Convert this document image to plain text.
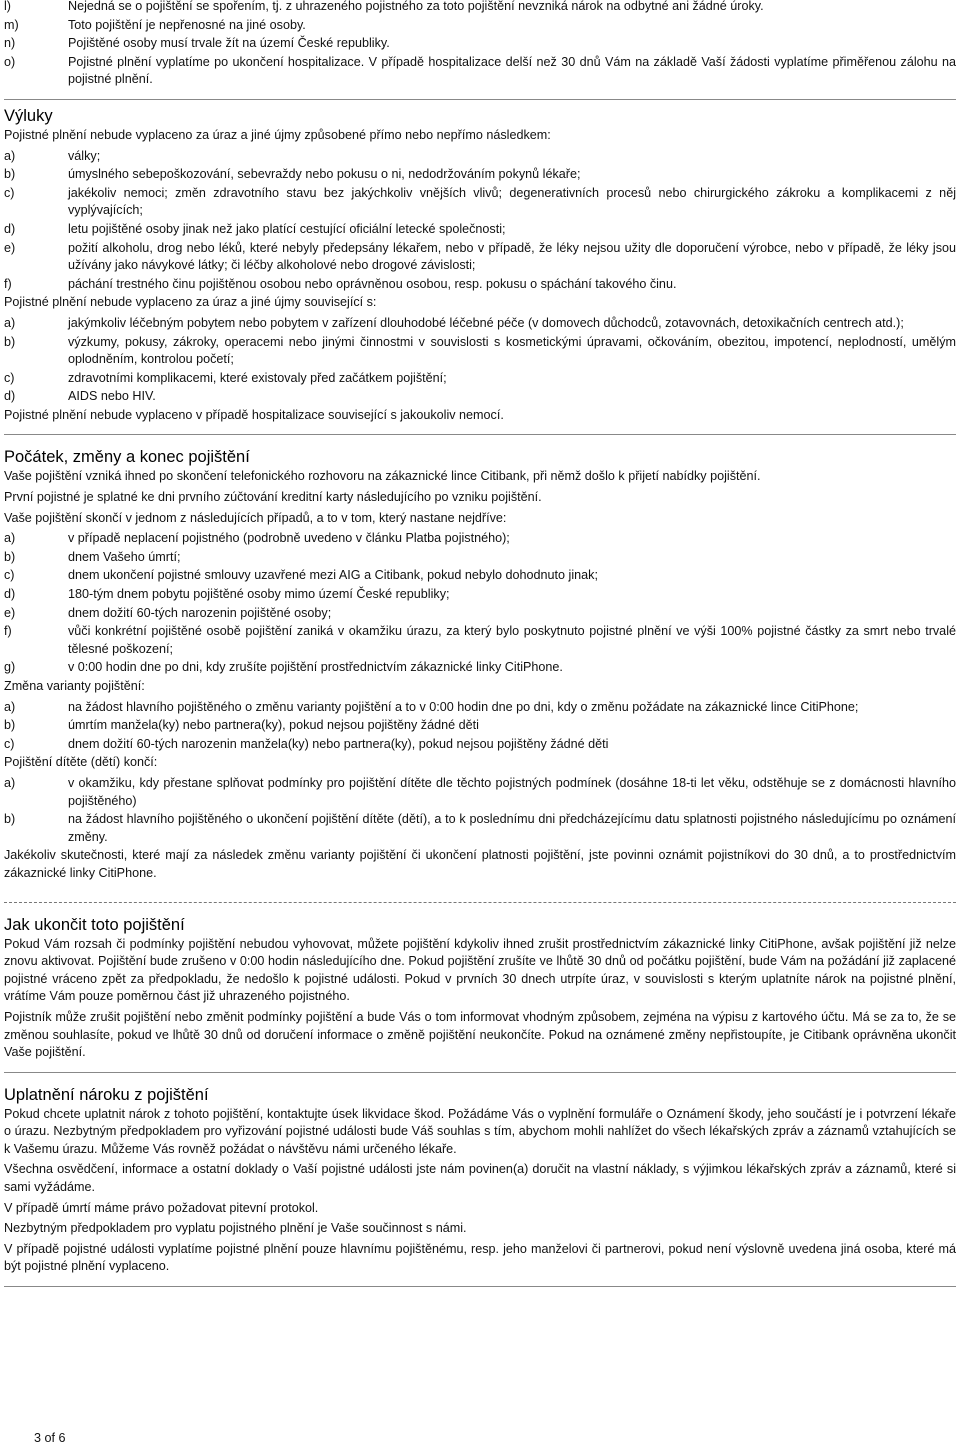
l)	Nejedná se o pojištění se spořením, tj. z uhrazeného pojistného za toto pojištění nevzniká nárok na odbytné ani žádné úroky.
m)	Toto pojištění je nepřenosné na jiné osoby.
n)	Pojištěné osoby musí trvale žít na území České republiky.
o)	Pojistné plnění vyplatíme po ukončení hospitalizace. V případě hospitalizace delší než 30 dnů Vám na základě Vaší žádosti vyplatíme přiměřenou zálohu na pojistné plnění.
Výluky
Pojistné plnění nebude vyplaceno za úraz a jiné újmy způsobené přímo nebo nepřímo následkem:
a)	války;
b)	úmyslného sebepoškozování, sebevraždy nebo pokusu o ni, nedodržováním pokynů lékaře;
c)	jakékoliv nemoci; změn zdravotního stavu bez jakýchkoliv vnějších vlivů; degenerativních procesů nebo chirurgického zákroku a komplikacemi z něj vyplývajících;
d)	letu pojištěné osoby jinak než jako platící cestující oficiální letecké společnosti;
e)	požití alkoholu, drog nebo léků, které nebyly předepsány lékařem, nebo v případě, že léky nejsou užity dle doporučení výrobce, nebo v případě, že léky jsou užívány jako návykové látky; či léčby alkoholové nebo drogové závislosti;
f)	páchání trestného činu pojištěnou osobou nebo oprávněnou osobou, resp. pokusu o spáchání takového činu.
Pojistné plnění nebude vyplaceno za úraz a jiné újmy související s:
a)	jakýmkoliv léčebným pobytem nebo pobytem v zařízení dlouhodobé léčebné péče (v domovech důchodců, zotavovnách, detoxikačních centrech atd.);
b)	výzkumy, pokusy, zákroky, operacemi nebo jinými činnostmi v souvislosti s kosmetickými úpravami, očkováním, obezitou, impotencí, neplodností, umělým oplodněním, kontrolou početí;
c)	zdravotními komplikacemi, které existovaly před začátkem pojištění;
d)	AIDS nebo HIV.
Pojistné plnění nebude vyplaceno v případě hospitalizace související s jakoukoliv nemocí.
Počátek, změny a konec pojištění
Vaše pojištění vzniká ihned po skončení telefonického rozhovoru na zákaznické lince Citibank, při němž došlo k přijetí nabídky pojištění.
První pojistné je splatné ke dni prvního zúčtování kreditní karty následujícího po vzniku pojištění.
Vaše pojištění skončí v jednom z následujících případů, a to v tom, který nastane nejdříve:
a)	v případě neplacení pojistného (podrobně uvedeno v článku Platba pojistného);
b)	dnem Vašeho úmrtí;
c)	dnem ukončení pojistné smlouvy uzavřené mezi AIG a Citibank, pokud nebylo dohodnuto jinak;
d)	180-tým dnem pobytu pojištěné osoby mimo území České republiky;
e)	dnem dožití 60-tých narozenin pojištěné osoby;
f)	vůči konkrétní pojištěné osobě pojištění zaniká v okamžiku úrazu, za který bylo poskytnuto pojistné plnění ve výši 100% pojistné částky za smrt nebo trvalé tělesné poškození;
g)	v 0:00 hodin dne po dni, kdy zrušíte pojištění prostřednictvím zákaznické linky CitiPhone.
Změna varianty pojištění:
a)	na žádost hlavního pojištěného o změnu varianty pojištění a to v 0:00 hodin dne po dni, kdy o změnu požádate na zákaznické lince CitiPhone;
b)	úmrtím manžela(ky) nebo partnera(ky), pokud nejsou pojištěny žádné děti
c)	dnem dožití 60-tých narozenin manžela(ky) nebo partnera(ky), pokud nejsou pojištěny žádné děti
Pojištění dítěte (dětí) končí:
a)	v okamžiku, kdy přestane splňovat podmínky pro pojištění dítěte dle těchto pojistných podmínek (dosáhne 18-ti let věku, odstěhuje se z domácnosti hlavního pojištěného)
b)	na žádost hlavního pojištěného o ukončení pojištění dítěte (dětí), a to k poslednímu dni předcházejícímu datu splatnosti pojistného následujícímu po oznámení změny.
Jakékoliv skutečnosti, které mají za následek změnu varianty pojištění či ukončení platnosti pojištění, jste povinni oznámit pojistníkovi do 30 dnů, a to prostřednictvím zákaznické linky CitiPhone.
Jak ukončit toto pojištění
Pokud Vám rozsah či podmínky pojištění nebudou vyhovovat, můžete pojištění kdykoliv ihned zrušit prostřednictvím zákaznické linky CitiPhone, avšak pojištění již nelze znovu aktivovat. Pojištění bude zrušeno v 0:00 hodin následujícího dne. Pokud pojištění zrušíte ve lhůtě 30 dnů od počátku pojištění, bude Vám na požádání již zaplacené pojistné vráceno zpět za předpokladu, že nedošlo k pojistné události. Pokud v prvních 30 dnech utrpíte úraz, v souvislosti s kterým uplatníte nárok na pojistné plnění, vrátíme Vám pouze poměrnou část již uhrazeného pojistného.
Pojistník může zrušit pojištění nebo změnit podmínky pojištění a bude Vás o tom informovat vhodným způsobem, zejména na výpisu z kartového účtu. Má se za to, že se změnou souhlasíte, pokud ve lhůtě 30 dnů od doručení informace o změně pojištění neukončíte. Pokud na oznámené změny nepřistoupíte, je Citibank oprávněna ukončit Vaše pojištění.
Uplatnění nároku z pojištění
Pokud chcete uplatnit nárok z tohoto pojištění, kontaktujte úsek likvidace škod. Požádáme Vás o vyplnění formuláře o Oznámení škody, jeho součástí je i potvrzení lékaře o úrazu. Nezbytným předpokladem pro vyřizování pojistné události bude Váš souhlas s tím, abychom mohli nahlížet do všech lékařských zpráv a záznamů vztahujících se k Vašemu úrazu. Můžeme Vás rovněž požádat o návštěvu námi určeného lékaře.
Všechna osvědčení, informace a ostatní doklady o Vaší pojistné události jste nám povinen(a) doručit na vlastní náklady, s výjimkou lékařských zpráv a záznamů, které si sami vyžádáme.
V případě úmrtí máme právo požadovat pitevní protokol.
Nezbytným předpokladem pro vyplatu pojistného plnění je Vaše součinnost s námi.
V případě pojistné události vyplatíme pojistné plnění pouze hlavnímu pojištěnému, resp. jeho manželovi či partnerovi, pokud není výslovně uvedena jiná osoba, které má být pojistné plnění vyplaceno.
3 of 6
